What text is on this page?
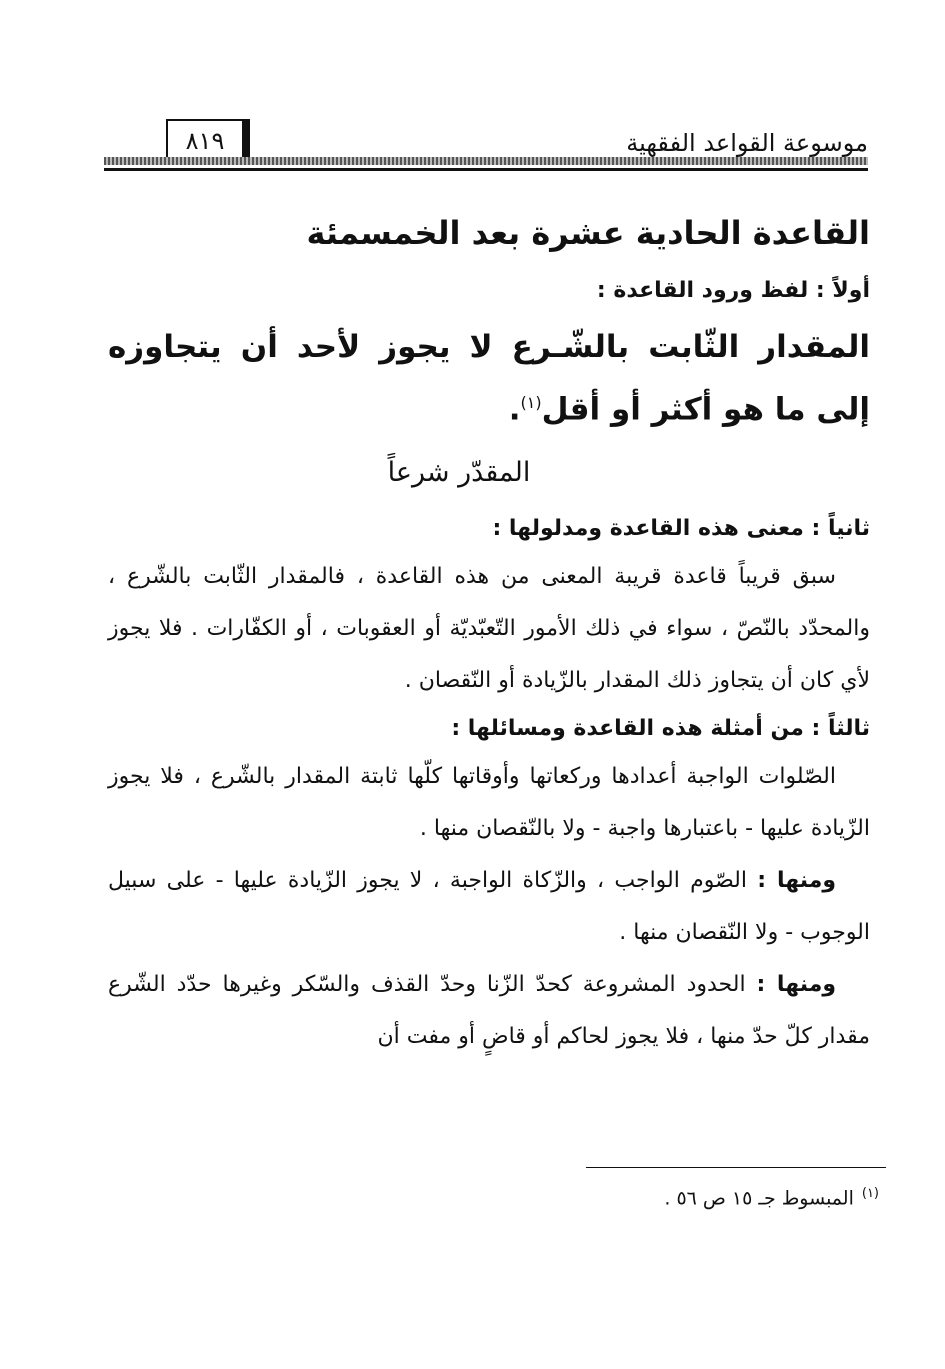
موسوعة القواعد الفقهية
٨١٩
القاعدة الحادية عشرة بعد الخمسمئة
أولاً : لفظ ورود القاعدة :
المقدار الثّابت بالشّـرع لا يجوز لأحد أن يتجاوزه إلى ما هو أكثر أو أقل$^{(١)}$.
المقدّر شرعاً
ثانياً : معنى هذه القاعدة ومدلولها :

سبق قريباً قاعدة قريبة المعنى من هذه القاعدة ، فالمقدار الثّابت بالشّرع ، والمحدّد بالنّصّ ، سواء في ذلك الأمور التّعبّديّة أو العقوبات ، أو الكفّارات . فلا يجوز لأي كان أن يتجاوز ذلك المقدار بالزّيادة أو النّقصان .

ثالثاً : من أمثلة هذه القاعدة ومسائلها :

الصّلوات الواجبة أعدادها وركعاتها وأوقاتها كلّها ثابتة المقدار بالشّرع ، فلا يجوز الزّيادة عليها - باعتبارها واجبة - ولا بالنّقصان منها .

ومنها : الصّوم الواجب ، والزّكاة الواجبة ، لا يجوز الزّيادة عليها - على سبيل الوجوب - ولا النّقصان منها .

ومنها : الحدود المشروعة كحدّ الزّنا وحدّ القذف والسّكر وغيرها حدّد الشّرع مقدار كلّ حدّ منها ، فلا يجوز لحاكم أو قاضٍ أو مفت أن

$^{(١)}$المبسوط جـ ١٥ ص ٥٦ .
